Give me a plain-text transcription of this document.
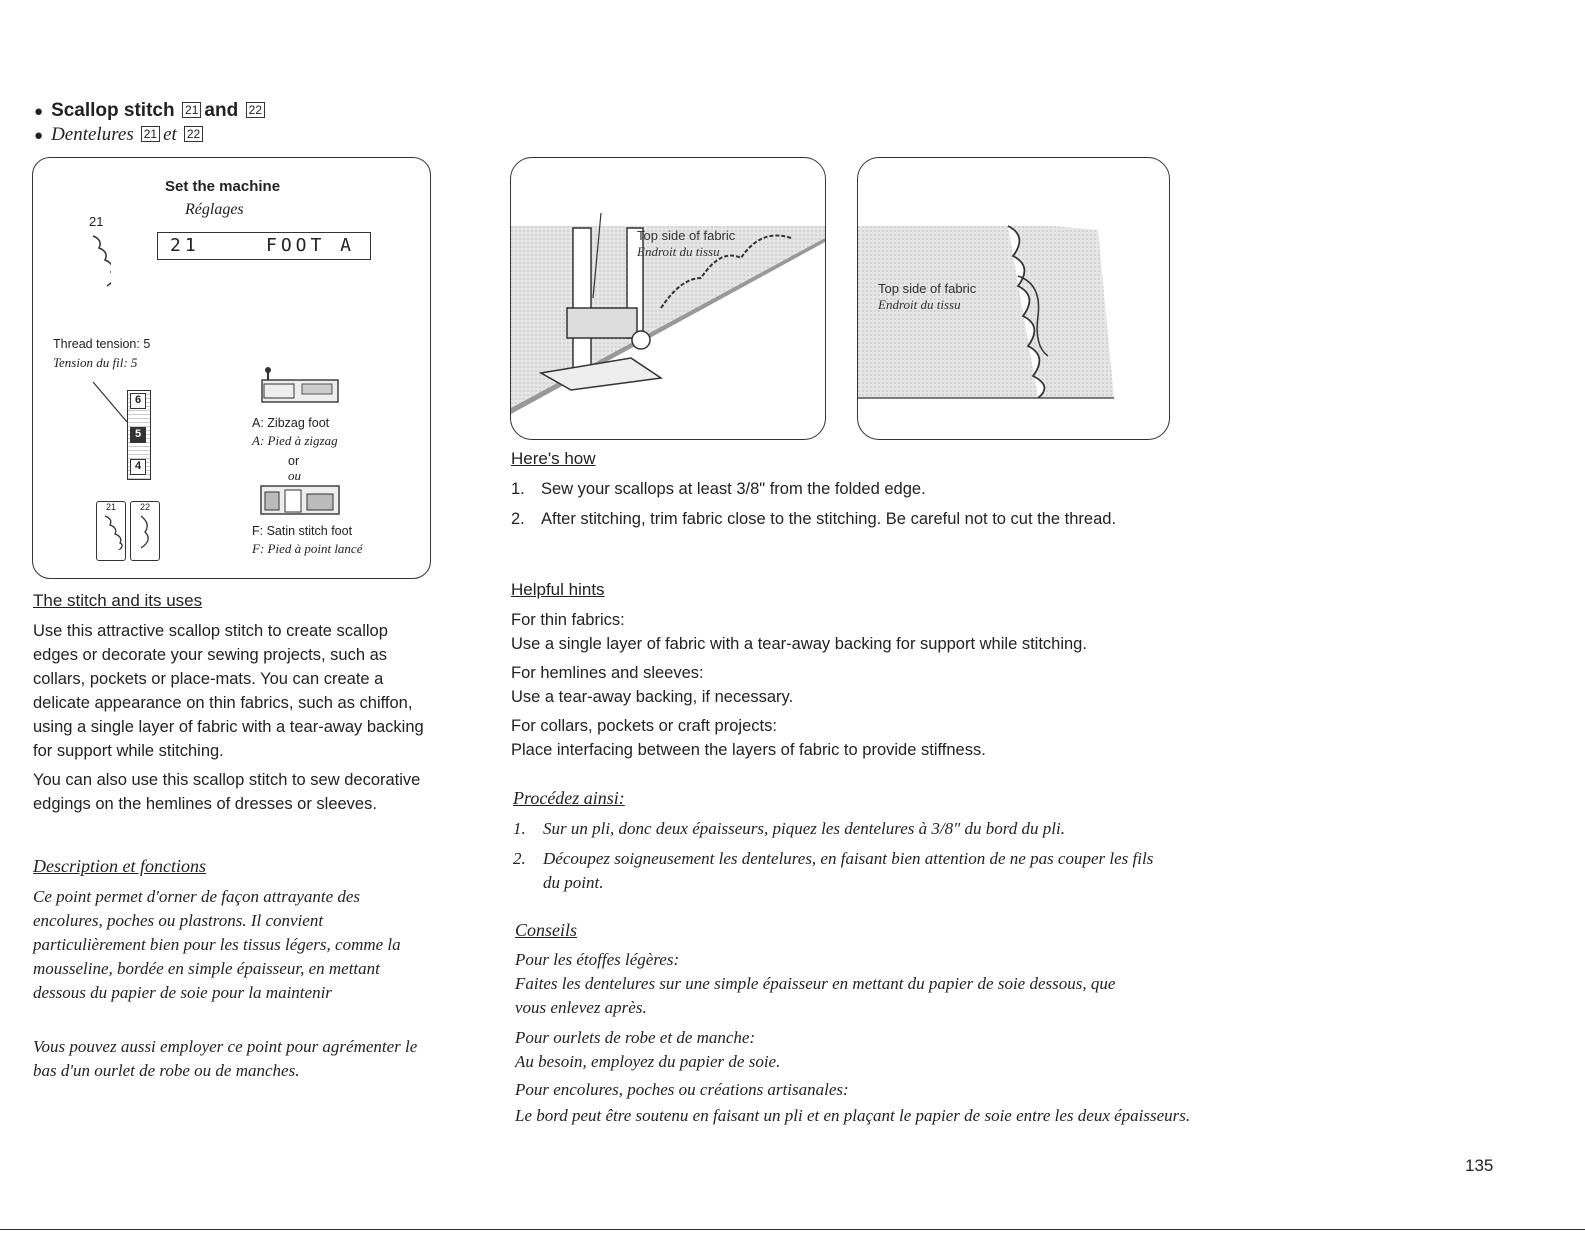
● Scallop stitch 21 and 22
● Dentelures 21 et 22
Set the machine
Réglages
21
21	FOOT A
Thread tension: 5
Tension du fil: 5
6
5
4
21	22
A: Zibzag foot
A: Pied à zigzag
or
ou
F: Satin stitch foot
F: Pied à point lancé
The stitch and its uses
Use this attractive scallop stitch to create scallop edges or decorate your sewing projects, such as collars, pockets or place-mats. You can create a delicate appearance on thin fabrics, such as chiffon, using a single layer of fabric with a tear-away backing for support while stitching.
You can also use this scallop stitch to sew decorative edgings on the hemlines of dresses or sleeves.
Description et fonctions
Ce point permet d'orner de façon attrayante des encolures, poches ou plastrons. Il convient particulièrement bien pour les tissus légers, comme la mousseline, bordée en simple épaisseur, en mettant dessous du papier de soie pour la maintenir
Vous pouvez aussi employer ce point pour agrémenter le bas d'un ourlet de robe ou de manches.
Top side of fabric
Endroit du tissu
Top side of fabric
Endroit du tissu
Here's how
1. Sew your scallops at least 3/8" from the folded edge.
2. After stitching, trim fabric close to the stitching. Be careful not to cut the thread.
Helpful hints
For thin fabrics:
Use a single layer of fabric with a tear-away backing for support while stitching.
For hemlines and sleeves:
Use a tear-away backing, if necessary.
For collars, pockets or craft projects:
Place interfacing between the layers of fabric to provide stiffness.
Procédez ainsi:
1. Sur un pli, donc deux épaisseurs, piquez les dentelures à 3/8" du bord du pli.
2.	Découpez soigneusement les dentelures, en faisant bien attention de ne pas couper les fils du point.
Conseils
Pour les étoffes légères:
Faites les dentelures sur une simple épaisseur en mettant du papier de soie dessous, que vous enlevez après.
Pour ourlets de robe et de manche:
Au besoin, employez du papier de soie.
Pour encolures, poches ou créations artisanales:
Le bord peut être soutenu en faisant un pli et en plaçant le papier de soie entre les deux épaisseurs.
135
